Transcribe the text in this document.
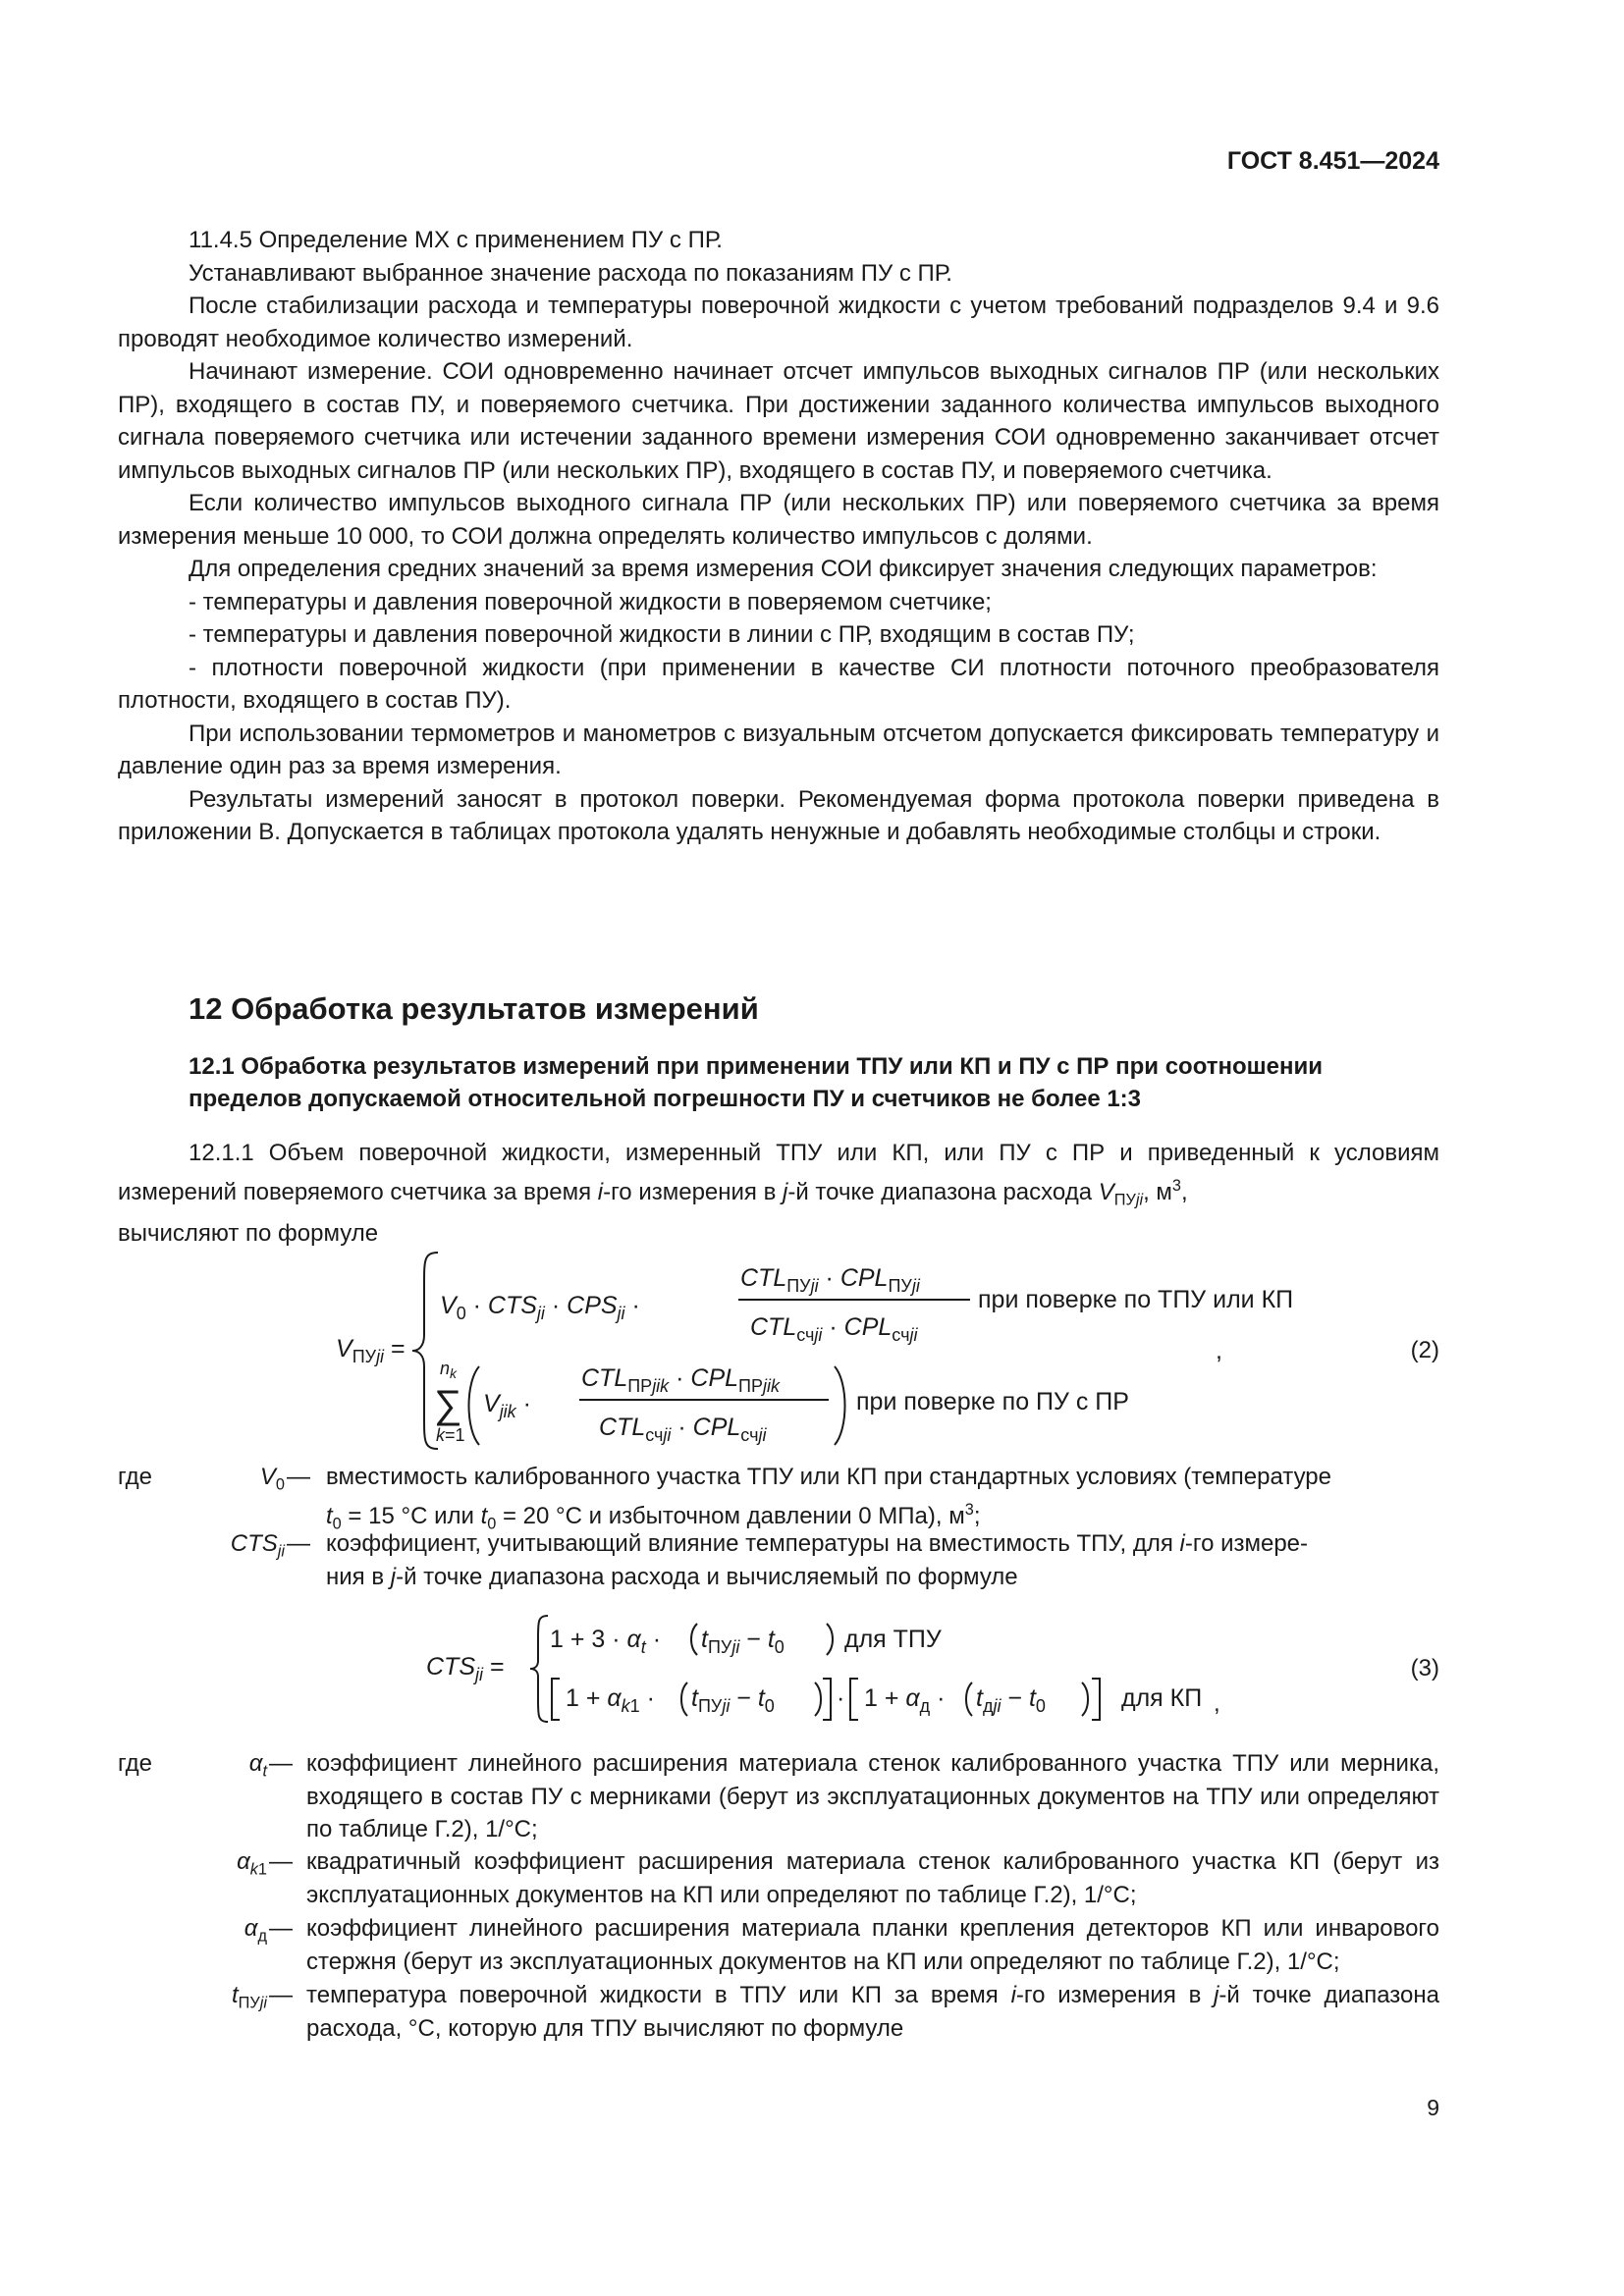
ГОСТ 8.451—2024

11.4.5 Определение МХ с применением ПУ с ПР.

Устанавливают выбранное значение расхода по показаниям ПУ с ПР.

После стабилизации расхода и температуры поверочной жидкости с учетом требований подразделов 9.4 и 9.6 проводят необходимое количество измерений.

Начинают измерение. СОИ одновременно начинает отсчет импульсов выходных сигналов ПР (или нескольких ПР), входящего в состав ПУ, и поверяемого счетчика. При достижении заданного количества импульсов выходного сигнала поверяемого счетчика или истечении заданного времени измерения СОИ одновременно заканчивает отсчет импульсов выходных сигналов ПР (или нескольких ПР), входящего в состав ПУ, и поверяемого счетчика.

Если количество импульсов выходного сигнала ПР (или нескольких ПР) или поверяемого счетчика за время измерения меньше 10 000, то СОИ должна определять количество импульсов с долями.

Для определения средних значений за время измерения СОИ фиксирует значения следующих параметров:

- температуры и давления поверочной жидкости в поверяемом счетчике;

- температуры и давления поверочной жидкости в линии с ПР, входящим в состав ПУ;

- плотности поверочной жидкости (при применении в качестве СИ плотности поточного преобразователя плотности, входящего в состав ПУ).

При использовании термометров и манометров с визуальным отсчетом допускается фиксировать температуру и давление один раз за время измерения.

Результаты измерений заносят в протокол поверки. Рекомендуемая форма протокола поверки приведена в приложении В. Допускается в таблицах протокола удалять ненужные и добавлять необходимые столбцы и строки.

12 Обработка результатов измерений

12.1 Обработка результатов измерений при применении ТПУ или КП и ПУ с ПР при соотношении пределов допускаемой относительной погрешности ПУ и счетчиков не более 1:3

12.1.1 Объем поверочной жидкости, измеренный ТПУ или КП, или ПУ с ПР и приведенный к условиям измерений поверяемого счетчика за время i-го измерения в j-й точке диапазона расхода $V_{ПУji}$, $м^3$,
вычисляют по формуле

$V_{ПУ}ji$ =
$V_0 \cdot CTS_{ji} \cdot CPS_{ji}$ ·
$CTL_{ПУ}ji \cdot CPL_{ПУ}ji$
$CTL_{сч}ji \cdot CPL_{сч}ji$
при поверке по ТПУ или КП
$n_k$
∑
k=1
$V_{jik}$ ·
$CTL_{ПР}jik \cdot CPL_{ПР}jik$
$CTL_{сч}ji \cdot CPL_{сч}ji$
при поверке по ПУ с ПР
,	(2)
где	$V_0$ — вместимость калиброванного участка ТПУ или КП при стандартных условиях (температуре
$t_0 = 15$ °C или $t_0 = 20$ °C и избыточном давлении 0 МПа), $м^3$;
$CTS_{ji}$ — коэффициент, учитывающий влияние температуры на вместимость ТПУ, для i-го измере-
ния в j-й точке диапазона расхода и вычисляемый по формуле
$CTS_{ji}$ =
$1 + 3 \cdot \alpha_t \cdot t_{ПУ}ji - t_0$ для ТПУ
$1 + \alpha_k1 \cdot t_{ПУ}ji - t_0$	· $1 + \alpha_д \cdot t_дji - t_0$	для КП ,
(3)
где	$\alpha_t$ — коэффициент линейного расширения материала стенок калиброванного участка ТПУ или мерника, входящего в состав ПУ с мерниками (берут из эксплуатационных документов на ТПУ или определяют по таблице Г.2), 1/°C;
$\alpha_{k1}$ — квадратичный коэффициент расширения материала стенок калиброванного участка КП (берут из эксплуатационных документов на КП или определяют по таблице Г.2), 1/°C;
$\alpha_д$ — коэффициент линейного расширения материала планки крепления детекторов КП или инварового стержня (берут из эксплуатационных документов на КП или определяют по таблице Г.2), 1/°C;
$t_{ПУji}$ — температура поверочной жидкости в ТПУ или КП за время i-го измерения в j-й точке диапазона расхода, °C, которую для ТПУ вычисляют по формуле
9
